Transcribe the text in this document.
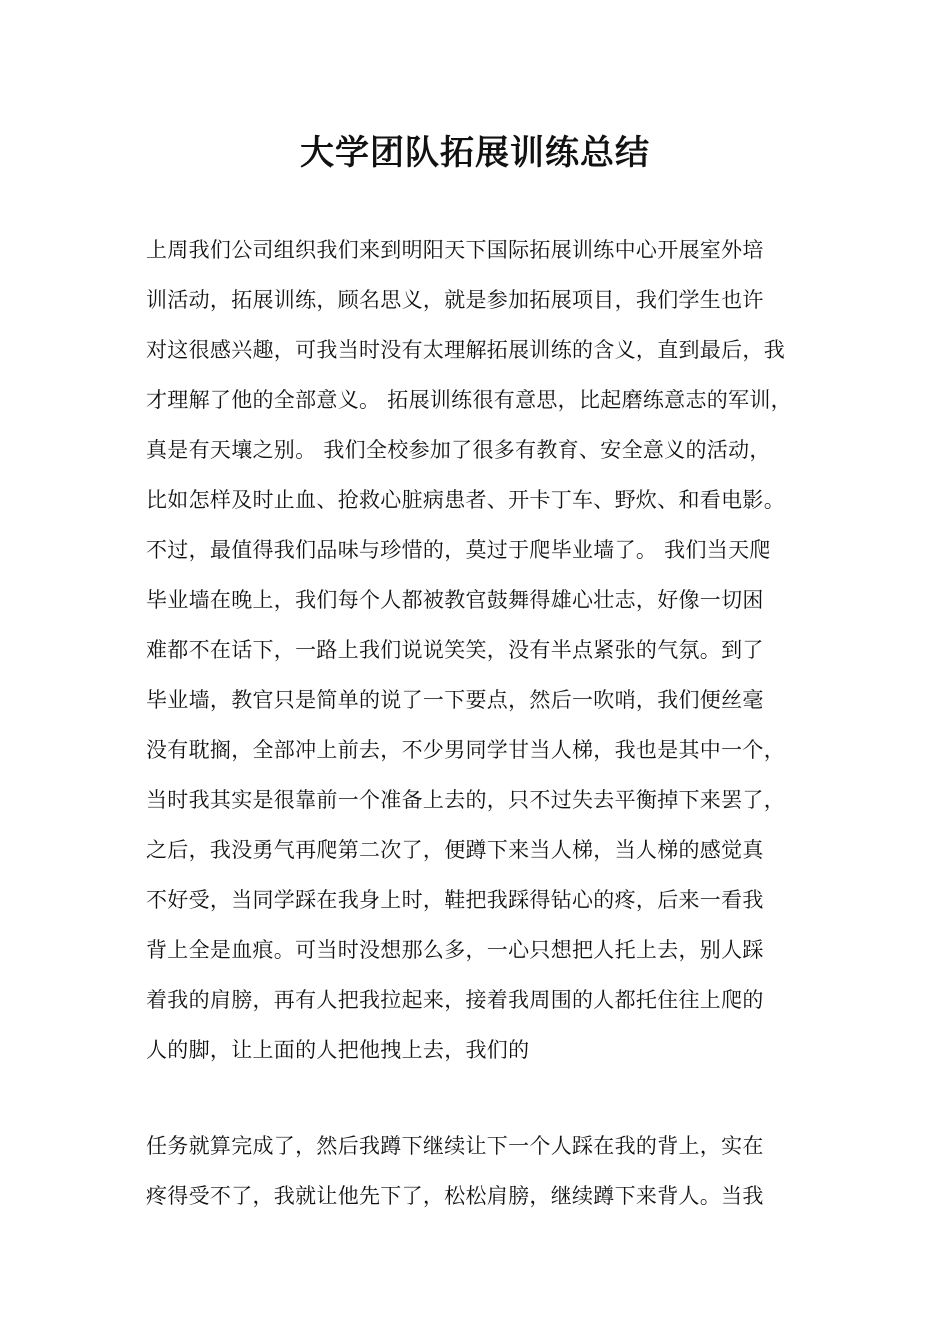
大学团队拓展训练总结
上周我们公司组织我们来到明阳天下国际拓展训练中心开展室外培
训活动，拓展训练，顾名思义，就是参加拓展项目，我们学生也许
对这很感兴趣，可我当时没有太理解拓展训练的含义，直到最后，我
才理解了他的全部意义。 拓展训练很有意思，比起磨练意志的军训，
真是有天壤之别。 我们全校参加了很多有教育、安全意义的活动，
比如怎样及时止血、抢救心脏病患者、开卡丁车、野炊、和看电影。
不过，最值得我们品味与珍惜的，莫过于爬毕业墙了。 我们当天爬
毕业墙在晚上，我们每个人都被教官鼓舞得雄心壮志，好像一切困
难都不在话下，一路上我们说说笑笑，没有半点紧张的气氛。到了
毕业墙，教官只是简单的说了一下要点，然后一吹哨，我们便丝毫
没有耽搁，全部冲上前去，不少男同学甘当人梯，我也是其中一个，
当时我其实是很靠前一个准备上去的，只不过失去平衡掉下来罢了，
之后，我没勇气再爬第二次了，便蹲下来当人梯，当人梯的感觉真
不好受，当同学踩在我身上时，鞋把我踩得钻心的疼，后来一看我
背上全是血痕。可当时没想那么多，一心只想把人托上去，别人踩
着我的肩膀，再有人把我拉起来，接着我周围的人都托住往上爬的
人的脚，让上面的人把他拽上去，我们的
任务就算完成了，然后我蹲下继续让下一个人踩在我的背上，实在
疼得受不了，我就让他先下了，松松肩膀，继续蹲下来背人。当我
